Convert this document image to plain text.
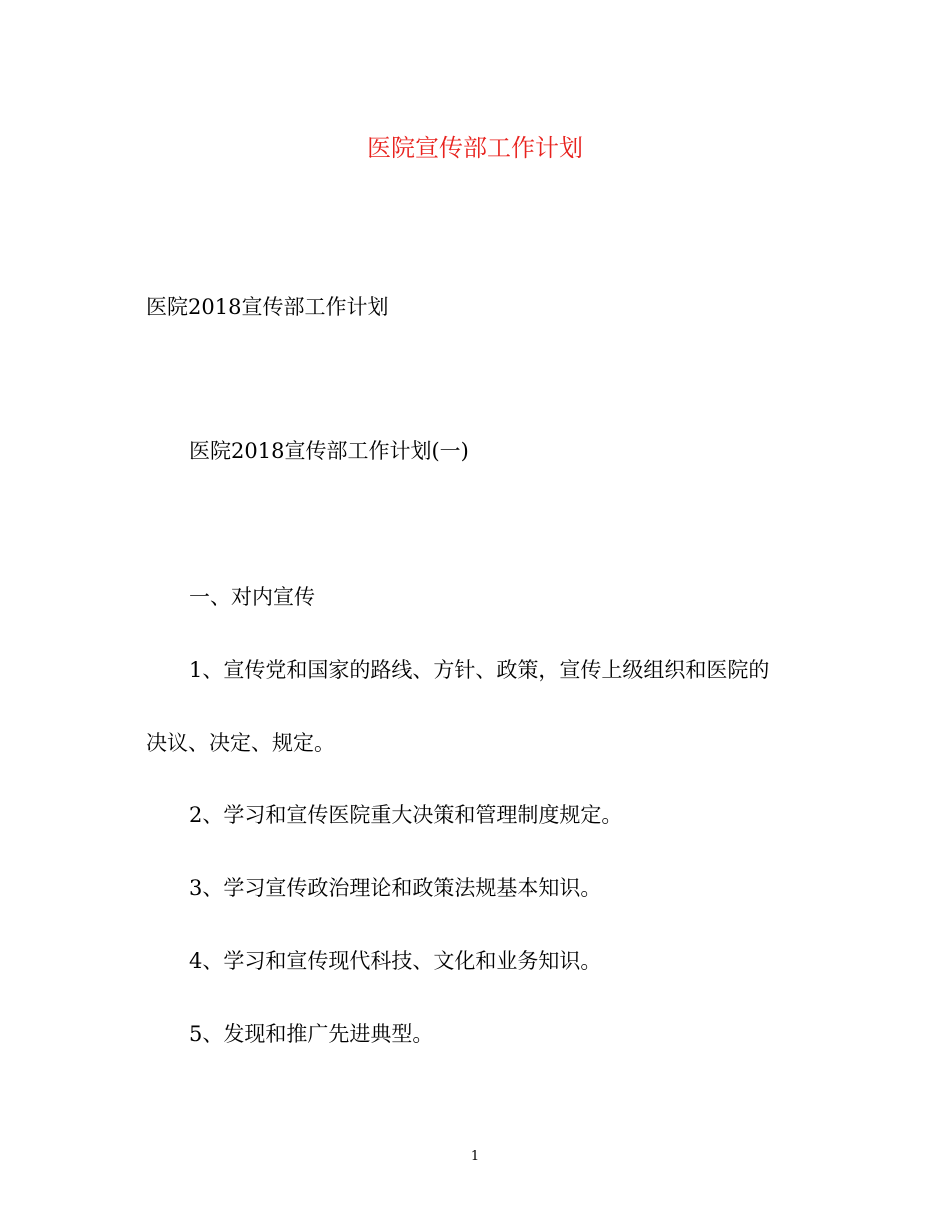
医院宣传部工作计划

医院2018宣传部工作计划

医院2018宣传部工作计划(一)

一、对内宣传

1、宣传党和国家的路线、方针、政策，宣传上级组织和医院的

决议、决定、规定。

2、学习和宣传医院重大决策和管理制度规定。

3、学习宣传政治理论和政策法规基本知识。

4、学习和宣传现代科技、文化和业务知识。

5、发现和推广先进典型。

1
